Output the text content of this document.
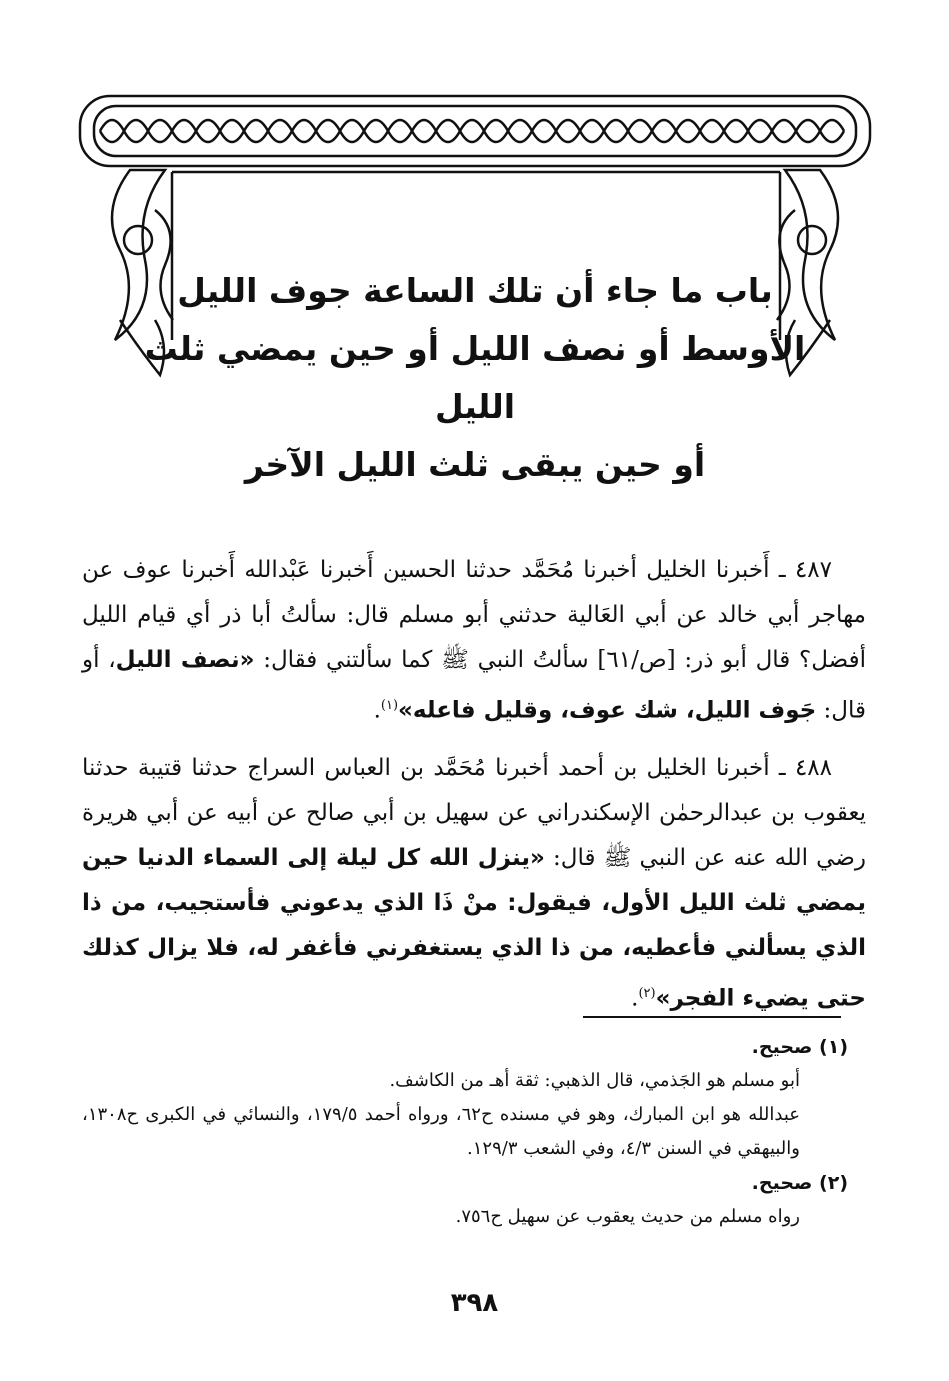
باب ما جاء أن تلك الساعة جوف الليل
الأوسط أو نصف الليل أو حين يمضي ثلث الليل
أو حين يبقى ثلث الليل الآخر

٤٨٧ ـ أَخبرنا الخليل أخبرنا مُحَمَّد حدثنا الحسين أَخبرنا عَبْدالله أَخبرنا عوف عن مهاجر أبي خالد عن أبي العَالية حدثني أبو مسلم قال: سألتُ أبا ذر أي قيام الليل أفضل؟ قال أبو ذر: [ص/٦١] سألتُ النبي ﷺ كما سألتني فقال: «نصف الليل، أو قال: جَوف الليل، شك عوف، وقليل فاعله»$^{(١)}$.

٤٨٨ ـ أخبرنا الخليل بن أحمد أخبرنا مُحَمَّد بن العباس السراج حدثنا قتيبة حدثنا يعقوب بن عبدالرحمٰن الإسكندراني عن سهيل بن أبي صالح عن أبيه عن أبي هريرة رضي الله عنه عن النبي ﷺ قال: «ينزل الله كل ليلة إلى السماء الدنيا حين يمضي ثلث الليل الأول، فيقول: منْ ذَا الذي يدعوني فأستجيب، من ذا الذي يسألني فأعطيه، من ذا الذي يستغفرني فأغفر له، فلا يزال كذلك حتى يضيء الفجر»$^{(٢)}$.

(١) صحيح.
أبو مسلم هو الجَذمي، قال الذهبي: ثقة أهـ من الكاشف.
عبدالله هو ابن المبارك، وهو في مسنده ح٦٢، ورواه أحمد ١٧٩/٥، والنسائي في الكبرى ح١٣٠٨، والبيهقي في السنن ٤/٣، وفي الشعب ١٢٩/٣.
(٢) صحيح.
رواه مسلم من حديث يعقوب عن سهيل ح٧٥٦.
٣٩٨
